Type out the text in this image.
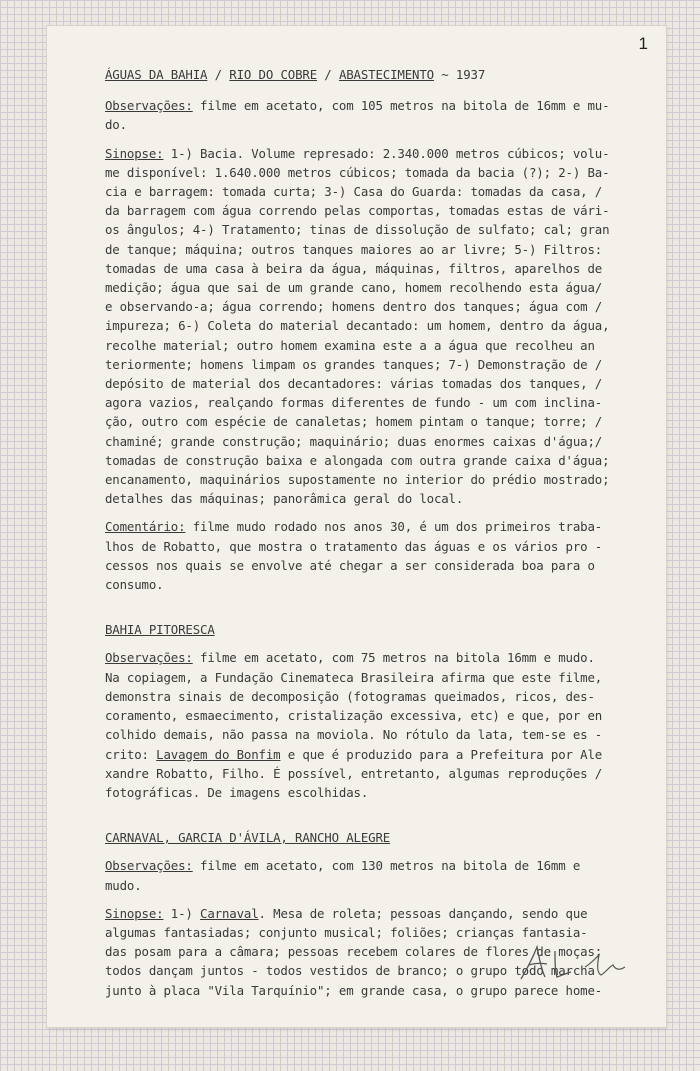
1

ÁGUAS DA BAHIA / RIO DO COBRE / ABASTECIMENTO ~ 1937

Observações: filme em acetato, com 105 metros na bitola de 16mm e mu-

do.

Sinopse: 1-) Bacia. Volume represado: 2.340.000 metros cúbicos; volu-

me disponível: 1.640.000 metros cúbicos; tomada da bacia (?); 2-) Ba-

cia e barragem: tomada curta; 3-) Casa do Guarda: tomadas da casa, /

da barragem com água correndo pelas comportas, tomadas estas de vári-

os ângulos; 4-) Tratamento; tinas de dissolução de sulfato; cal; gran

de tanque; máquina; outros tanques maiores ao ar livre; 5-) Filtros:

tomadas de uma casa à beira da água, máquinas, filtros, aparelhos de

medição; água que sai de um grande cano, homem recolhendo esta água/

e observando-a; água correndo; homens dentro dos tanques; água com /

impureza; 6-) Coleta do material decantado: um homem, dentro da água,

recolhe material; outro homem examina este a a água que recolheu an

teriormente; homens limpam os grandes tanques; 7-) Demonstração de /

depósito de material dos decantadores: várias tomadas dos tanques, /

agora vazios, realçando formas diferentes de fundo - um com inclina-

ção, outro com espécie de canaletas; homem pintam o tanque; torre; /

chaminé; grande construção; maquinário; duas enormes caixas d'água;/

tomadas de construção baixa e alongada com outra grande caixa d'água;

encanamento, maquinários supostamente no interior do prédio mostrado;

detalhes das máquinas; panorâmica geral do local.

Comentário: filme mudo rodado nos anos 30, é um dos primeiros traba-

lhos de Robatto, que mostra o tratamento das águas e os vários pro -

cessos nos quais se envolve até chegar a ser considerada boa para o

consumo.

BAHIA PITORESCA

Observações: filme em acetato, com 75 metros na bitola 16mm e mudo.

Na copiagem, a Fundação Cinemateca Brasileira afirma que este filme,

demonstra sinais de decomposição (fotogramas queimados, ricos, des-

coramento, esmaecimento, cristalização excessiva, etc) e que, por en

colhido demais, não passa na moviola. No rótulo da lata, tem-se es -

crito: Lavagem do Bonfim e que é produzido para a Prefeitura por Ale

xandre Robatto, Filho. É possível, entretanto, algumas reproduções /

fotográficas. De imagens escolhidas.

CARNAVAL, GARCIA D'ÁVILA, RANCHO ALEGRE

Observações: filme em acetato, com 130 metros na bitola de 16mm e

mudo.

Sinopse: 1-) Carnaval. Mesa de roleta; pessoas dançando, sendo que

algumas fantasiadas; conjunto musical; foliões; crianças fantasia-

das posam para a câmara; pessoas recebem colares de flores de moças;

todos dançam juntos - todos vestidos de branco; o grupo todo marcha

junto à placa "Vila Tarquínio"; em grande casa, o grupo parece home-
